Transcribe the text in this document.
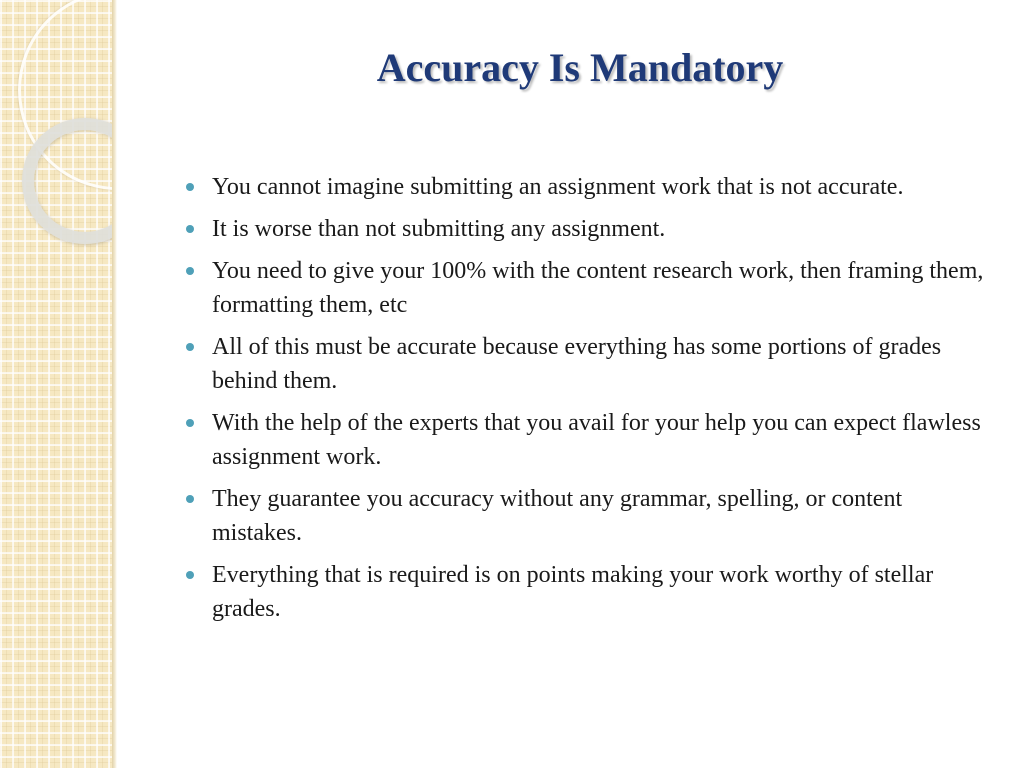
Accuracy Is Mandatory
You cannot imagine submitting an assignment work that is not accurate.
It is worse than not submitting any assignment.
You need to give your 100% with the content research work, then framing them, formatting them, etc
All of this must be accurate because everything has some portions of grades behind them.
With the help of the experts that you avail for your help you can expect flawless assignment work.
They guarantee you accuracy without any grammar, spelling, or content mistakes.
Everything that is required is on points making your work worthy of stellar grades.
